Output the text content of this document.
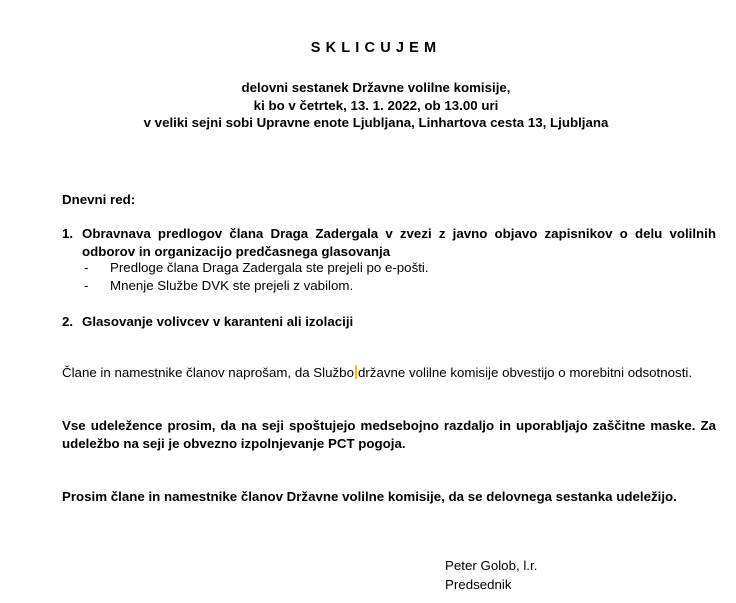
SKLICUJEM
delovni sestanek Državne volilne komisije,
ki bo v četrtek, 13. 1. 2022, ob 13.00 uri
v veliki sejni sobi Upravne enote Ljubljana, Linhartova cesta 13, Ljubljana
Dnevni red:
1. Obravnava predlogov člana Draga Zadergala v zvezi z javno objavo zapisnikov o delu volilnih odborov in organizacijo predčasnega glasovanja
- Predloge člana Draga Zadergala ste prejeli po e-pošti.
- Mnenje Službe DVK ste prejeli z vabilom.
2. Glasovanje volivcev v karanteni ali izolaciji
Člane in namestnike članov naprošam, da Službo državne volilne komisije obvestijo o morebitni odsotnosti.
Vse udeležence prosim, da na seji spoštujejo medsebojno razdaljo in uporabljajo zaščitne maske. Za udeležbo na seji je obvezno izpolnjevanje PCT pogoja.
Prosim člane in namestnike članov Državne volilne komisije, da se delovnega sestanka udeležijo.
Peter Golob, l.r.
Predsednik
